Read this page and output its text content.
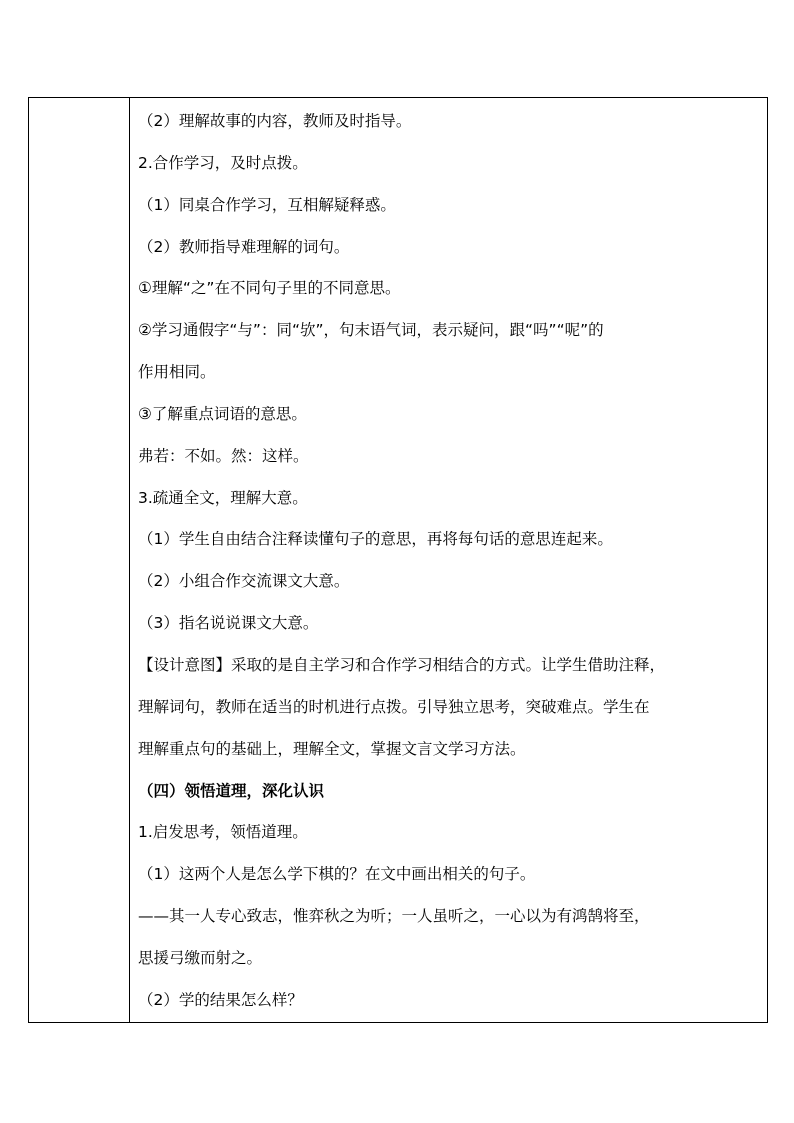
（2）理解故事的内容，教师及时指导。
2.合作学习，及时点拨。
（1）同桌合作学习，互相解疑释惑。
（2）教师指导难理解的词句。
①理解“之”在不同句子里的不同意思。
②学习通假字“与”：同“欤”，句末语气词，表示疑问，跟“吗”“呢”的
作用相同。
③了解重点词语的意思。
弗若：不如。然：这样。
3.疏通全文，理解大意。
（1）学生自由结合注释读懂句子的意思，再将每句话的意思连起来。
（2）小组合作交流课文大意。
（3）指名说说课文大意。
【设计意图】采取的是自主学习和合作学习相结合的方式。让学生借助注释，
理解词句，教师在适当的时机进行点拨。引导独立思考，突破难点。学生在
理解重点句的基础上，理解全文，掌握文言文学习方法。
（四）领悟道理，深化认识
1.启发思考，领悟道理。
（1）这两个人是怎么学下棋的？在文中画出相关的句子。
——其一人专心致志，惟弈秋之为听；一人虽听之，一心以为有鸿鹄将至，
思援弓缴而射之。
（2）学的结果怎么样？
